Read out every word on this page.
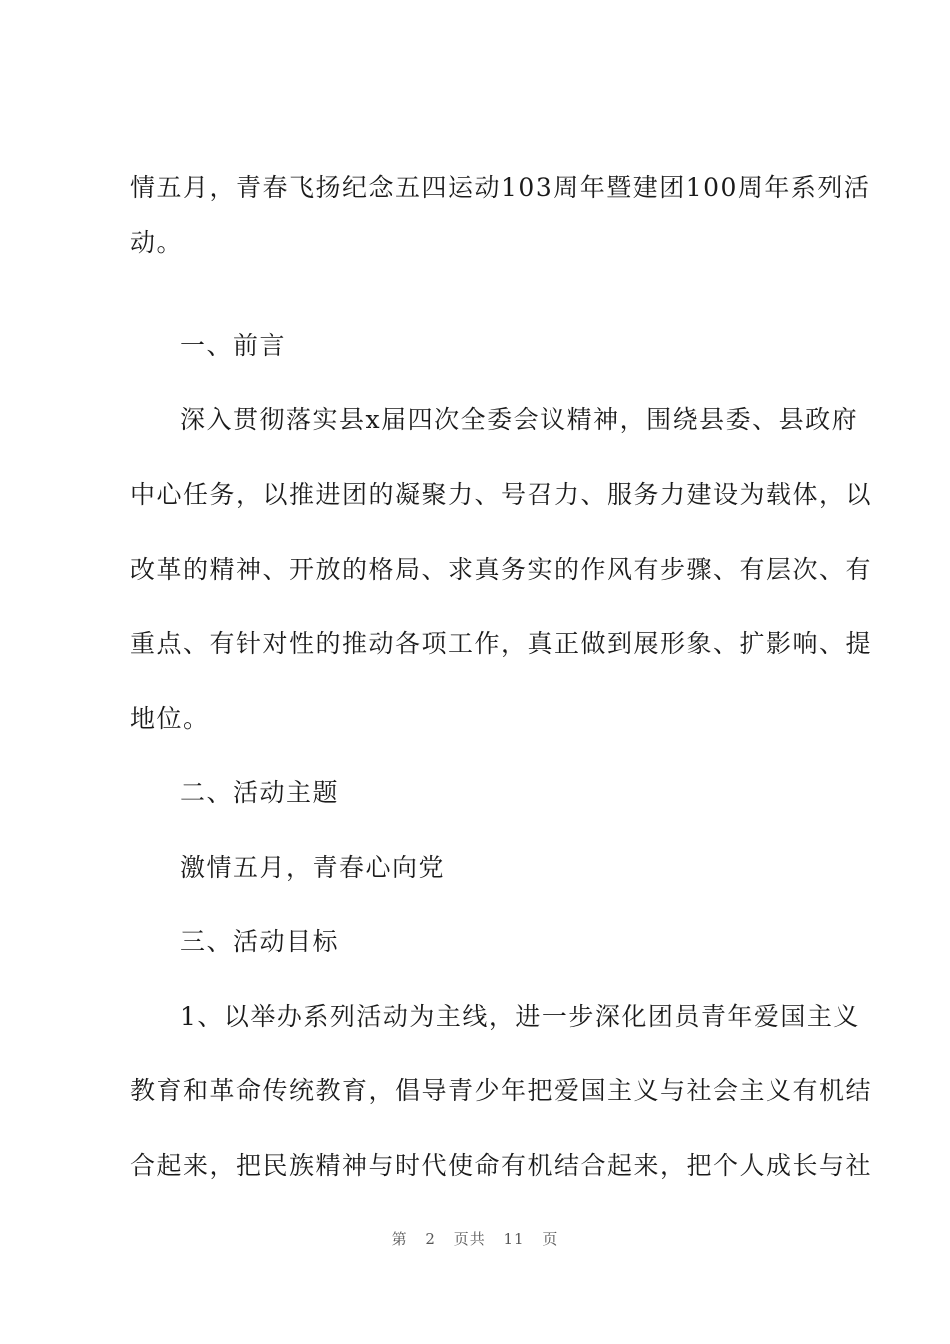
情五月，青春飞扬纪念五四运动103周年暨建团100周年系列活
动。
一、前言
深入贯彻落实县x届四次全委会议精神，围绕县委、县政府
中心任务，以推进团的凝聚力、号召力、服务力建设为载体，以
改革的精神、开放的格局、求真务实的作风有步骤、有层次、有
重点、有针对性的推动各项工作，真正做到展形象、扩影响、提
地位。
二、活动主题
激情五月，青春心向党
三、活动目标
1、以举办系列活动为主线，进一步深化团员青年爱国主义
教育和革命传统教育，倡导青少年把爱国主义与社会主义有机结
合起来，把民族精神与时代使命有机结合起来，把个人成长与社
第 2 页共 11 页
